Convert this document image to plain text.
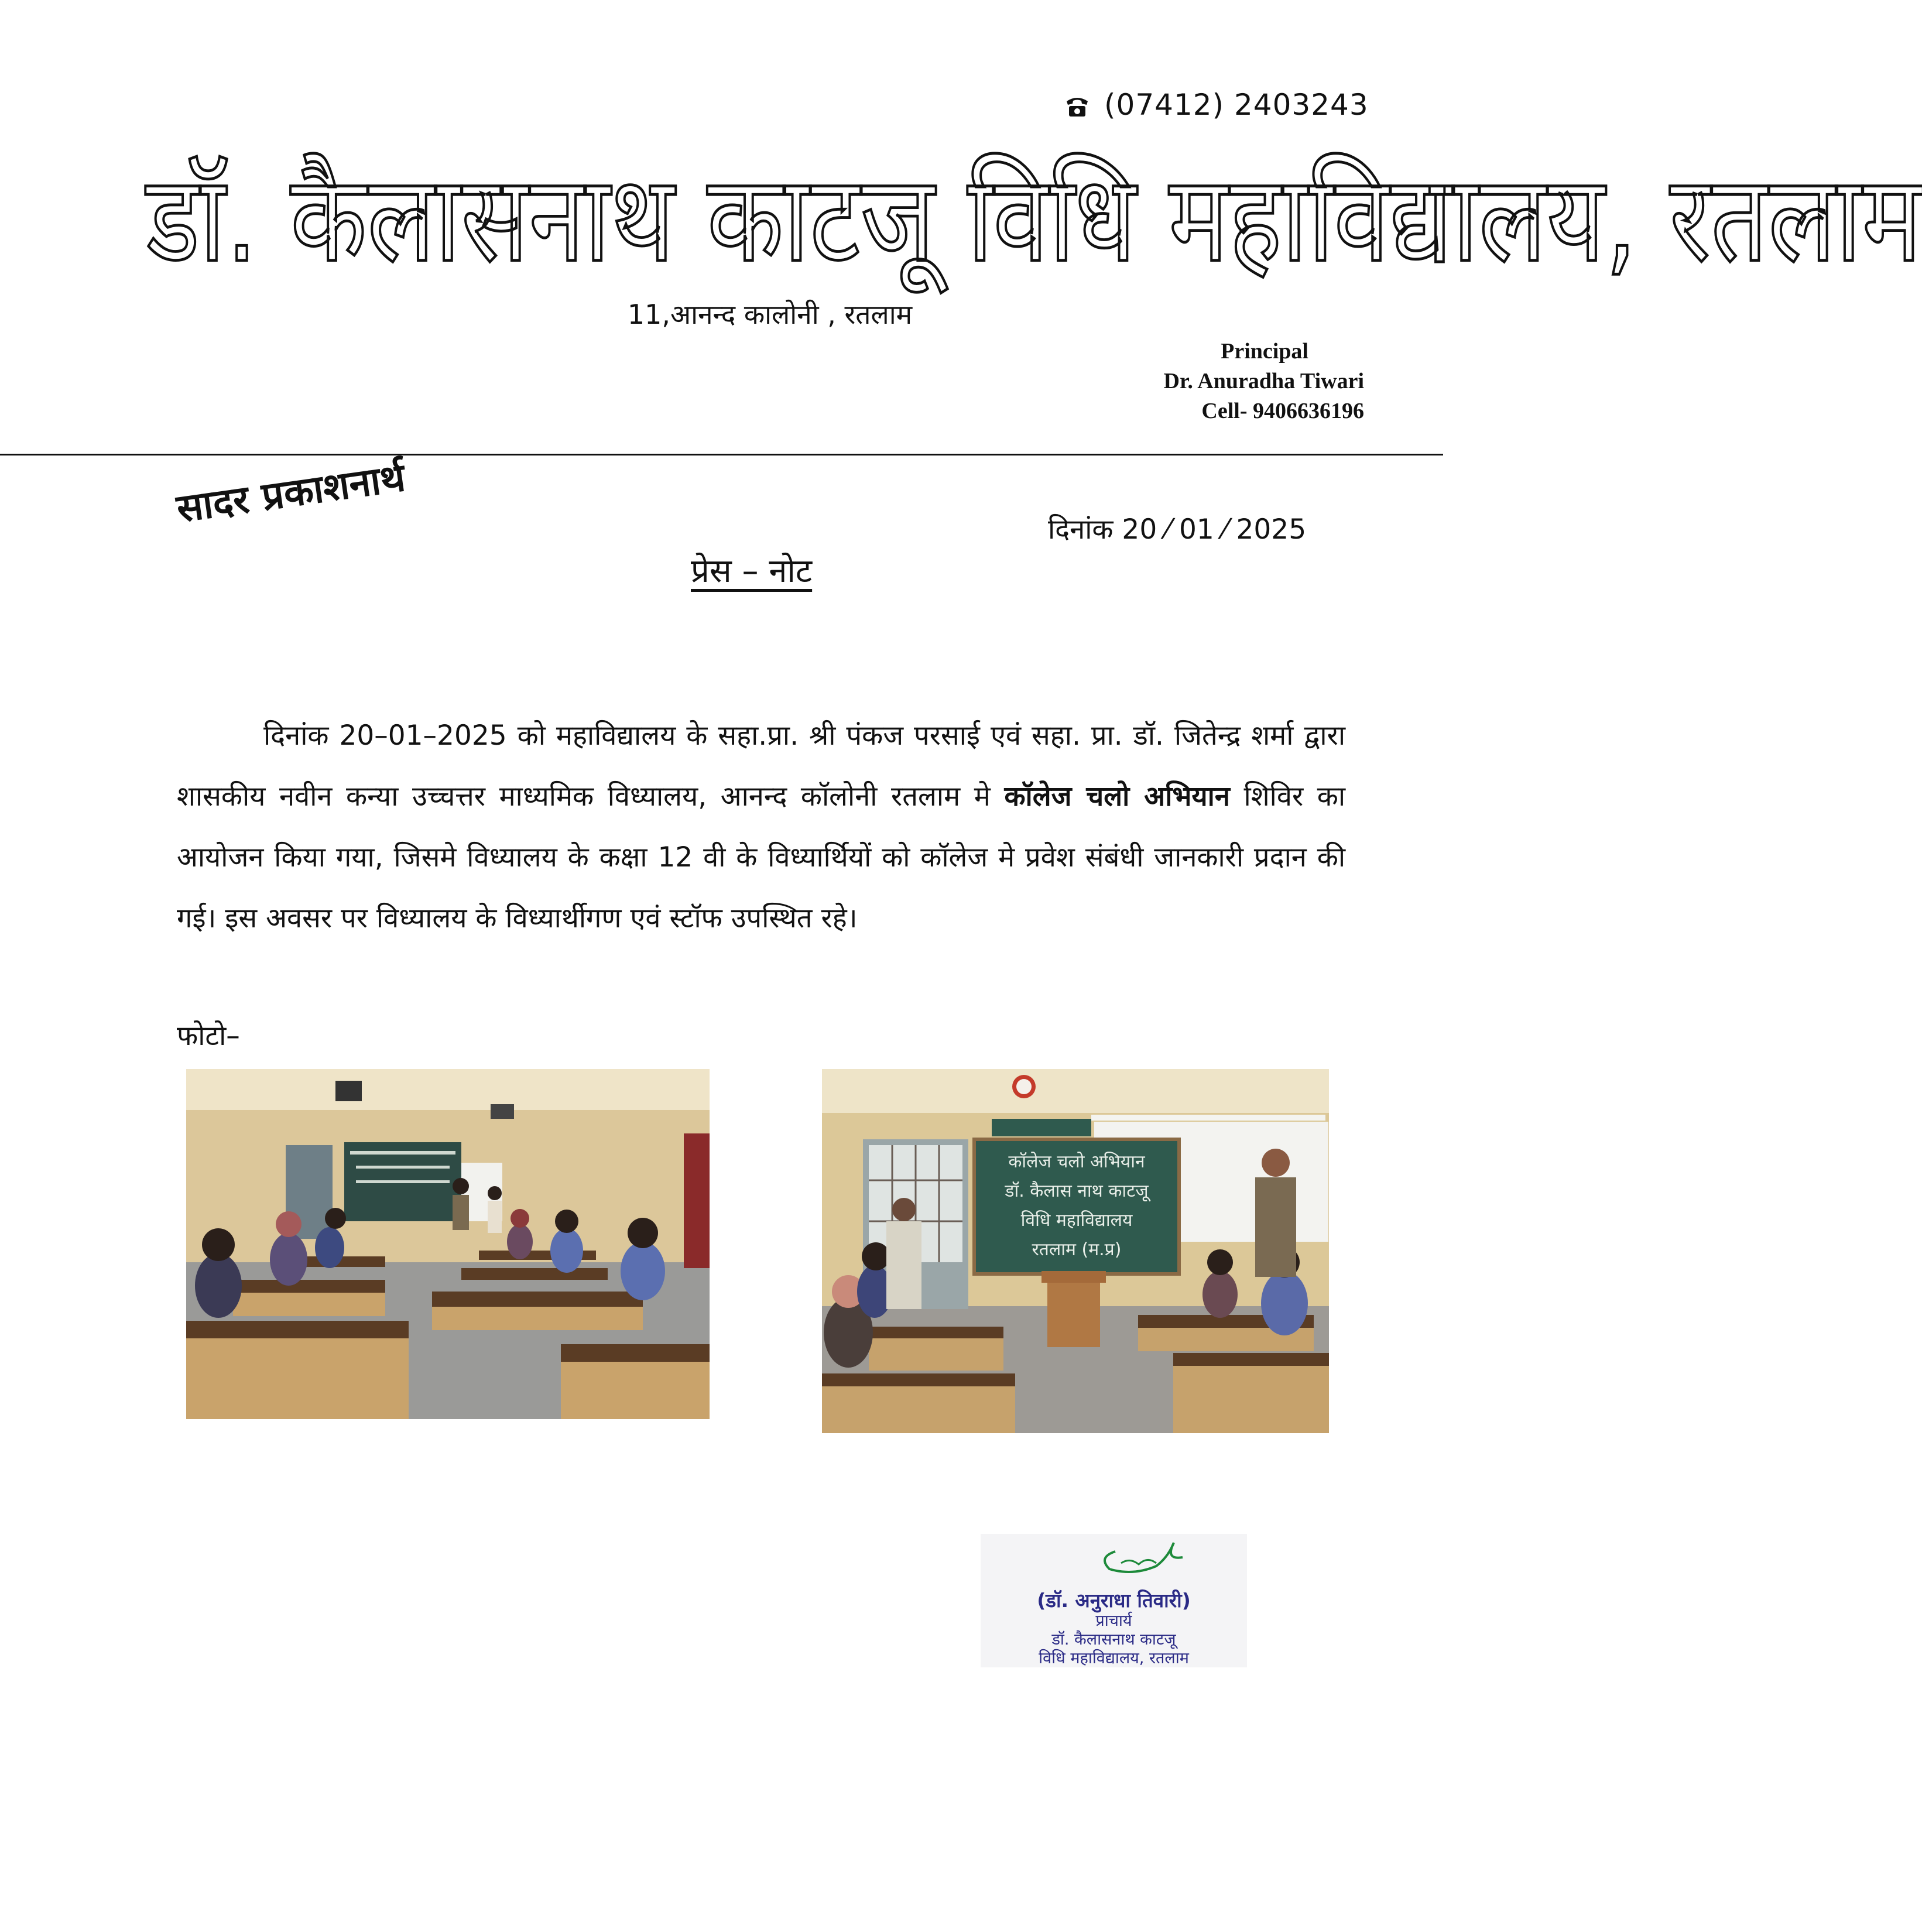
(07412) 2403243
डॉ. कैलासनाथ काटजू विधि महाविद्यालय, रतलाम
11,आनन्द कालोनी , रतलाम
Principal
Dr. Anuradha Tiwari
Cell- 9406636196
सादर प्रकाशनार्थ	दिनांक 20 ⁄ 01 ⁄ 2025
प्रेस – नोट
दिनांक 20–01–2025 को महाविद्यालय के सहा.प्रा. श्री पंकज परसाई एवं सहा. प्रा. डॉ. जितेन्द्र शर्मा द्वारा शासकीय नवीन कन्या उच्चत्तर माध्यमिक विध्यालय, आनन्द कॉलोनी रतलाम मे कॉलेज चलो अभियान शिविर का आयोजन किया गया, जिसमे विध्यालय के कक्षा 12 वी के विध्यार्थियों को कॉलेज मे प्रवेश संबंधी जानकारी प्रदान की गई। इस अवसर पर विध्यालय के विध्यार्थीगण एवं स्टॉफ उपस्थित रहे।
फोटो–
कॉलेज चलो अभियान
डॉ. कैलास नाथ काटजू
विधि महाविद्यालय
रतलाम (म.प्र)
(डॉ. अनुराधा तिवारी)
प्राचार्य
डॉ. कैलासनाथ काटजू
विधि महाविद्यालय, रतलाम
